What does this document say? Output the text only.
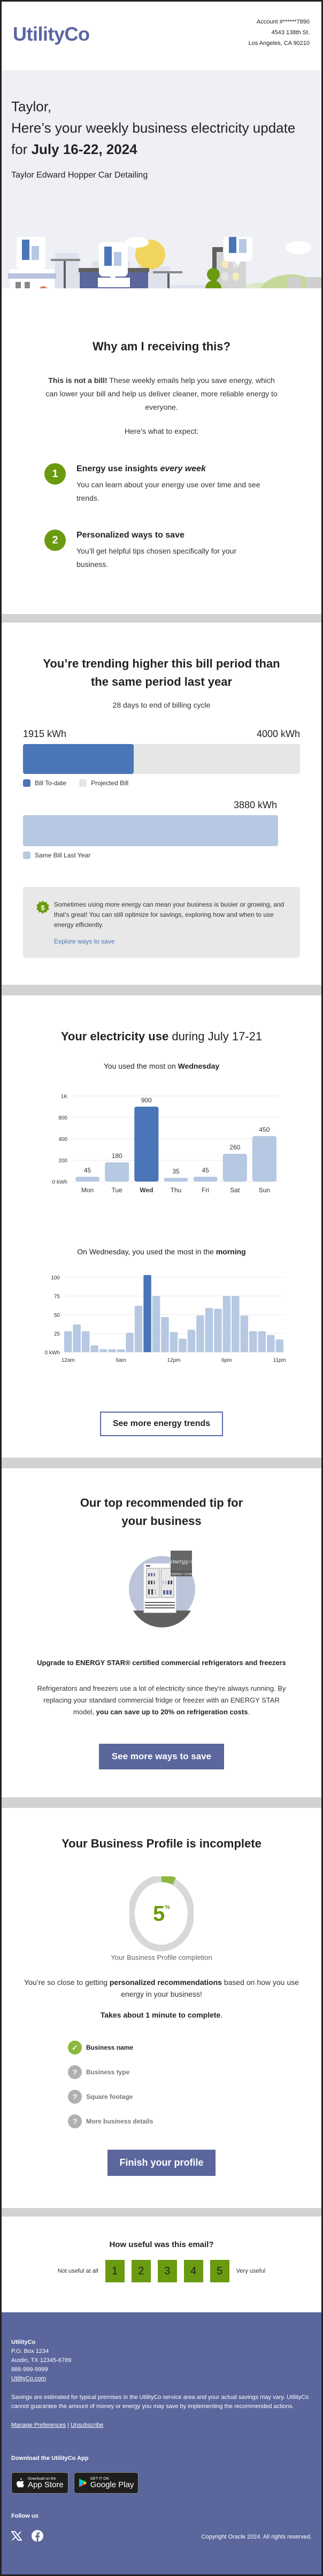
UtilityCo
Account #******7890
4543 138th St.
Los Angeles, CA 90210
Taylor,
Here’s your weekly business electricity update for July 16-22, 2024
Taylor Edward Hopper Car Detailing
Why am I receiving this?

This is not a bill! These weekly emails help you save energy, which can lower your bill and help us deliver cleaner, more reliable energy to everyone.

Here’s what to expect:

1	Energy use insights every week
You can learn about your energy use over time and see trends.
2	Personalized ways to save
You’ll get helpful tips chosen specifically for your business.
You’re trending higher this bill period than the same period last year
28 days to end of billing cycle
1915 kWh	4000 kWh
Bill To-date	Projected Bill
3880 kWh
Same Bill Last Year
$ Sometimes using more energy can mean your business is busier or growing, and that’s great! You can still optimize for savings, exploring how and when to use energy efficiently.
Explore ways to save
Your electricity use during July 17-21
You used the most on Wednesday
0 kWh
200
400
800
1K
45
Mon
180
Tue
900
Wed
35
Thu
45
Fri
260
Sat
450
Sun
On Wednesday, you used the most in the morning
0 kWh
25
50
75
100
12am	6am	12pm	6pm	11pm
See more energy trends
Our top recommended tip for your business
energy☆
ENERGY STAR
Upgrade to ENERGY STAR® certified commercial refrigerators and freezers
Refrigerators and freezers use a lot of electricity since they're always running. By replacing your standard commercial fridge or freezer with an ENERGY STAR model, you can save up to 20% on refrigeration costs.
See more ways to save
Your Business Profile is incomplete
5%
Your Business Profile completion
You’re so close to getting personalized recommendations based on how you use energy in your business!
Takes about 1 minute to complete.
✓	Business name
?	Business type
?	Square footage
?	More business details
Finish your profile
How useful was this email?
Not useful at all	1	2	3	4	5	Very useful
UtilityCo
P.O. Box 1234
Austin, TX 12345-6789
888-999-9999
UtilityCo.com
Savings are estimated for typical premises in the UtilityCo service area and your actual savings may vary. UtilityCo cannot guarantee the amount of money or energy you may save by implementing the recommended actions.
Manage Preferences | Unsubscribe
Download the UtilityCo App
Download on the
App Store
GET IT ON
Google Play
Follow us
Copyright Oracle 2024. All rights reserved.
